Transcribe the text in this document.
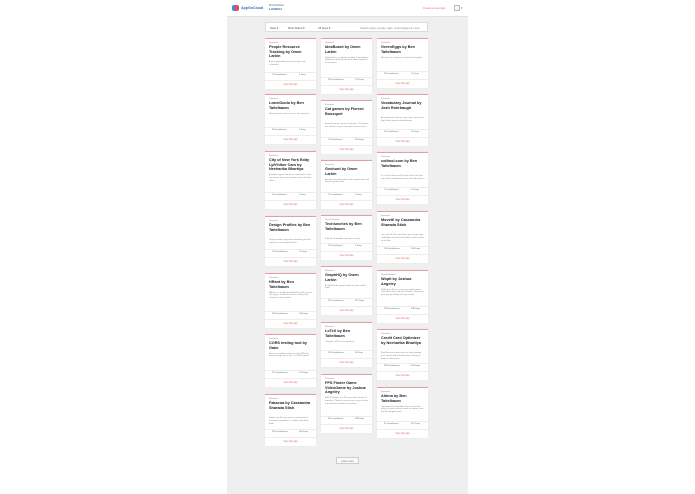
AppGoCloud
Proud Partner
LAUNCH	Create a new App	▾
Date ▾	Most Rated ▾	All Apps ▾	Search apps, people, tags, technologies & more
Featured
People Resource Tracking by Owen Larkin
A web application to track people and schedules
73 Installations	4 Days
View this app
Featured
LearnDuolo by Ben Taitelbaum
Flashcards for your classes, one game at...
83 Installations	5 Days
View this app
Featured
City of New York Eddy LyftYdber Cars by Neeharika Bhartiya
A mobile app to find the car and rides in the city of new york and compare rates with the other...
56 Installations	5 Days
View this app
Featured
Design Profiles by Ben Taitelbaum
Design profiles app that automates your bit tracking, more design details
103 Installations	75 Days
View this app
Featured
HRant by Ben Taitelbaum
HRant is a mobile friendly HR web & service. The app is to find the events nearby that shortness have shown
368 Installations	100 Days
View this app
Featured
CORS testing tool by Gabe
Paste an endpoint and see if this API lets browser apps use it with a CORS request
371 Installations	150 Days
View this app
Featured
Fakacoa by Cassandra Sharada Stish
A fake cart that recreates a pantry full of seasonal ingredients, a recipe inspiration book
383 Installations	300 Days
View this app
Featured
IdeaBoard by Owen Larkin
IdeaBoard is a web based idea & networking platform to bring all the team ideas together in one place
336 Installations	120 Days
View this app
Featured
Cat games by Florent Bousquet
Browser games your cat will love. Cat games are chosen so your cat pokes at the screen
73 Installations	350 Days
View this app
Featured
Geohunt by Owen Larkin
An urban location game with a photo trail and friends against time
71 Installations	5 Days
View this app
Social Network
Techlunches by Ben Taitelbaum
Find lunch buddies near you at work
23 Installations	6 Days
View this app
Featured
GraphHQ by Owen Larkin
A collaborative graph editor for your whole team
356 Installations	367 Days
View this app
Featured
LoTeX by Ben Taitelbaum
Compile LaTeX in the browser
353 Installations	96 Days
View this app
Featured
FPS Finder Game VideoGame by Joshua Angeley
A FPS shooter in a 3D arena with waves of enemies. Players can join any server to have fun with their friends in the game
311 Installations	398 Days
View this app
Featured
GreenEggs by Ben Taitelbaum
Recipes for creating eco food and cooking
93 Installations	12 Days
View this app
Featured
Vocabulary Journal by Josh Rohrbaugh
An application that lets you keep a personal log of new words and definitions
63 Installations	15 Days
View this app
Featured
coiltool.com by Ben Taitelbaum
It's coil.in-coil.tm and 3 more tools that help turn these contributions into short film project
71 Installations	24 Days
View this app
Featured
MoveIt! by Cassandra Sharada Stish
Let's get fit! Post and share your daily steps challenges and see the leaders. Ideas will be up to date
290 Installations	240 Days
View this app
Social Network
Wopit by Joshua Angeley
Make your life as a note you writing notes and share them with your friends. Organizes your day by finding out your mood
349 Installations	236 Days
View this app
Featured
Credit Card Optimizer by Neeharika Bhartiya
Find the best credit cards to help manage your spend and rewards better. Getting a better credit scores
386 Installations	343 Days
View this app
Featured
Ahbna by Ben Taitelbaum
Get financial and political news feed with only the most relevant news on finance and the Washington stock
51 Installations	397 Days
View this app
Load more
